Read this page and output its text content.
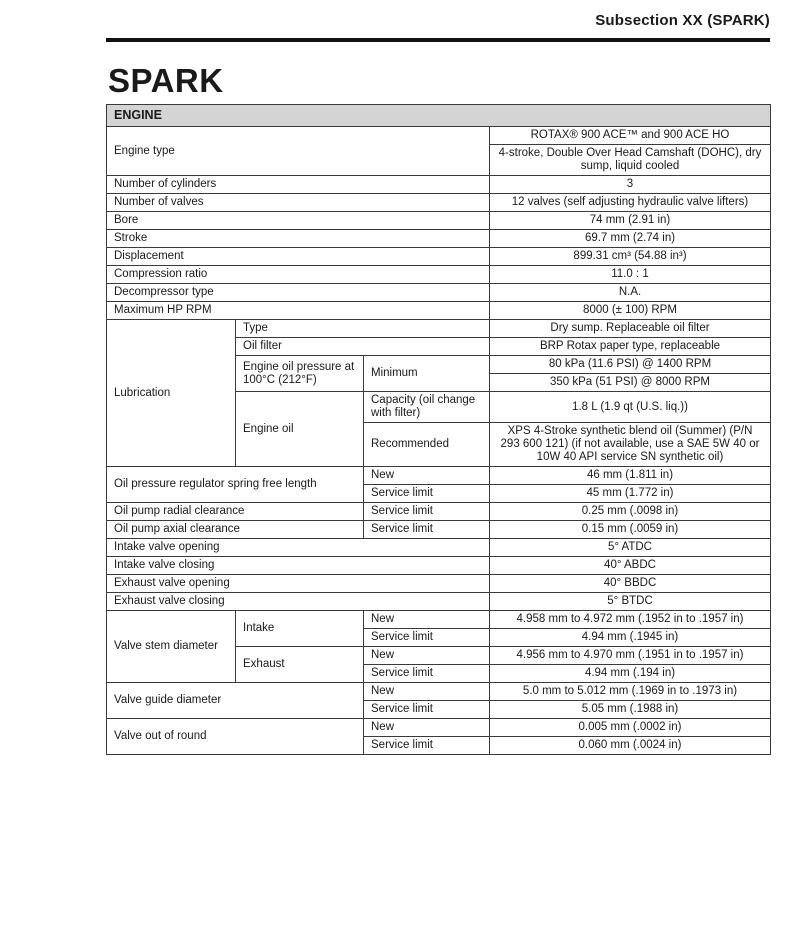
Subsection XX (SPARK)
SPARK
ENGINE			
Engine type			ROTAX® 900 ACE™ and 900 ACE HO
			4-stroke, Double Over Head Camshaft (DOHC), dry sump, liquid cooled
Number of cylinders			3
Number of valves			12 valves (self adjusting hydraulic valve lifters)
Bore			74 mm (2.91 in)
Stroke			69.7 mm (2.74 in)
Displacement			899.31 cm³ (54.88 in³)
Compression ratio			11.0 : 1
Decompressor type			N.A.
Maximum HP RPM			8000 (± 100) RPM
Lubrication	Type		Dry sump. Replaceable oil filter
	Oil filter		BRP Rotax paper type, replaceable
	Engine oil pressure at 100°C (212°F)	Minimum	80 kPa (11.6 PSI) @ 1400 RPM
			350 kPa (51 PSI) @ 8000 RPM
	Engine oil	Capacity (oil change with filter)	1.8 L (1.9 qt (U.S. liq.))
		Recommended	XPS 4-Stroke synthetic blend oil (Summer) (P/N 293 600 121) (if not available, use a SAE 5W 40 or 10W 40 API service SN synthetic oil)

Oil pressure regulator spring free length		New	46 mm (1.811 in)
		Service limit	45 mm (1.772 in)
Oil pump radial clearance		Service limit	0.25 mm (.0098 in)
Oil pump axial clearance		Service limit	0.15 mm (.0059 in)
Intake valve opening			5° ATDC
Intake valve closing			40° ABDC
Exhaust valve opening			40° BBDC
Exhaust valve closing			5° BTDC
Valve stem diameter	Intake	New	4.958 mm to 4.972 mm (.1952 in to .1957 in)
		Service limit	4.94 mm (.1945 in)
	Exhaust	New	4.956 mm to 4.970 mm (.1951 in to .1957 in)
		Service limit	4.94 mm (.194 in)
Valve guide diameter		New	5.0 mm to 5.012 mm (.1969 in to .1973 in)
		Service limit	5.05 mm (.1988 in)
Valve out of round		New	0.005 mm (.0002 in)
		Service limit	0.060 mm (.0024 in)
